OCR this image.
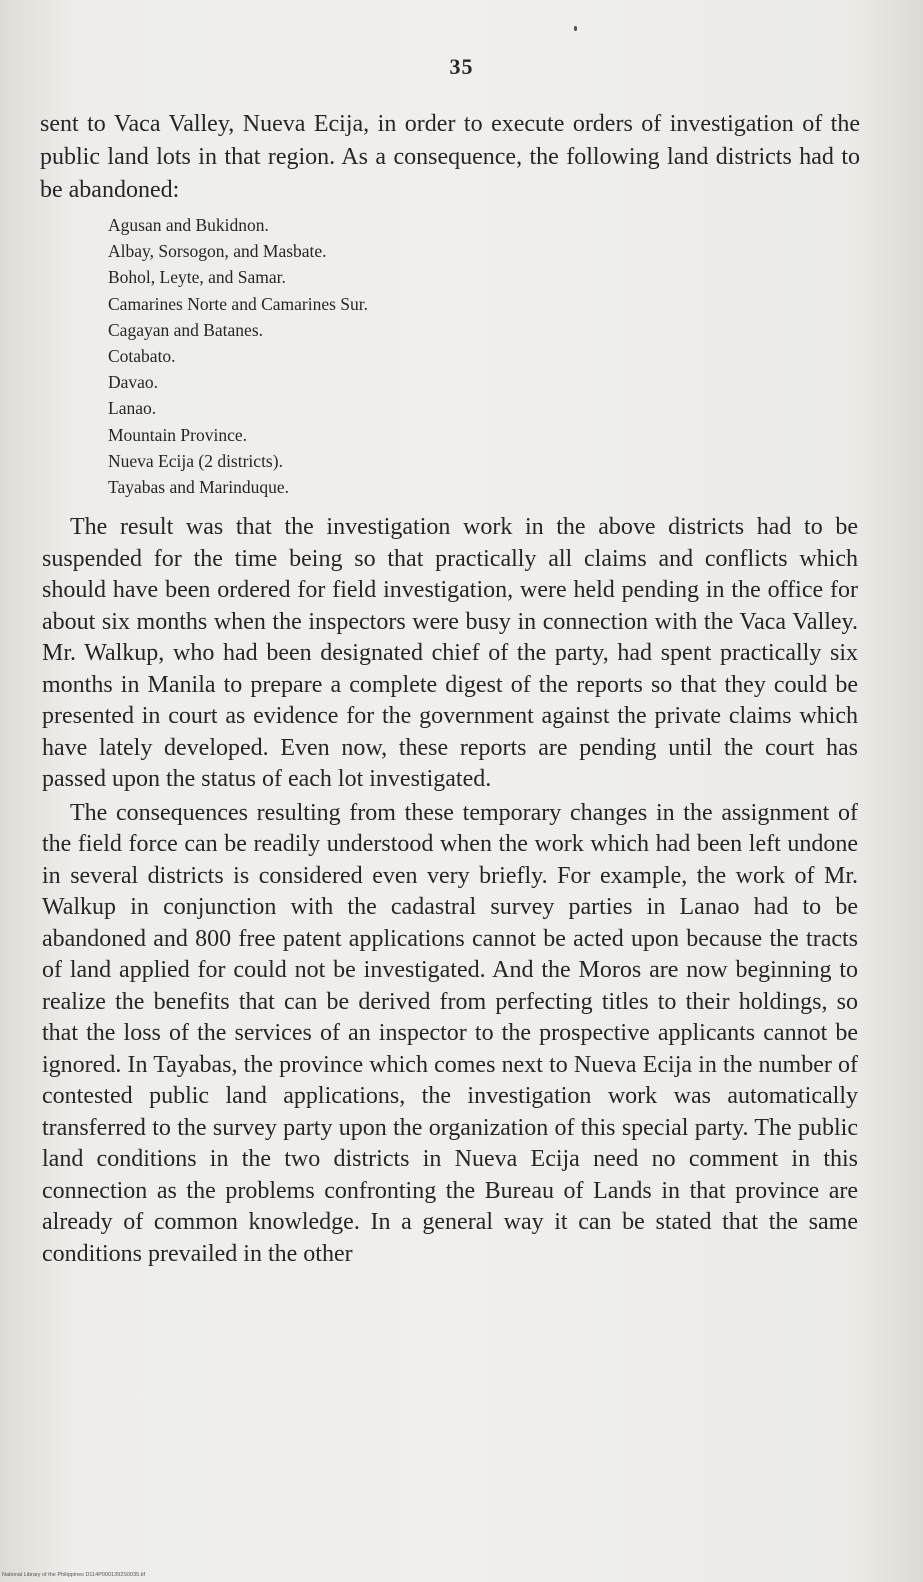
35

sent to Vaca Valley, Nueva Ecija, in order to execute orders of investigation of the public land lots in that region. As a consequence, the following land districts had to be abandoned:

Agusan and Bukidnon.
Albay, Sorsogon, and Masbate.
Bohol, Leyte, and Samar.
Camarines Norte and Camarines Sur.
Cagayan and Batanes.
Cotabato.
Davao.
Lanao.
Mountain Province.
Nueva Ecija (2 districts).
Tayabas and Marinduque.

The result was that the investigation work in the above districts had to be suspended for the time being so that practically all claims and conflicts which should have been ordered for field investigation, were held pending in the office for about six months when the inspectors were busy in connection with the Vaca Valley. Mr. Walkup, who had been designated chief of the party, had spent practically six months in Manila to prepare a complete digest of the reports so that they could be presented in court as evidence for the government against the private claims which have lately developed. Even now, these reports are pending until the court has passed upon the status of each lot investigated.

The consequences resulting from these temporary changes in the assignment of the field force can be readily understood when the work which had been left undone in several districts is considered even very briefly. For example, the work of Mr. Walkup in conjunction with the cadastral survey parties in Lanao had to be abandoned and 800 free patent applications cannot be acted upon because the tracts of land applied for could not be investigated. And the Moros are now beginning to realize the benefits that can be derived from perfecting titles to their holdings, so that the loss of the services of an inspector to the prospective applicants cannot be ignored. In Tayabas, the province which comes next to Nueva Ecija in the number of contested public land applications, the investigation work was automatically transferred to the survey party upon the organization of this special party. The public land conditions in the two districts in Nueva Ecija need no comment in this connection as the problems confronting the Bureau of Lands in that province are already of common knowledge. In a general way it can be stated that the same conditions prevailed in the other

National Library of the Philippines D114P0001392S0035.tif
